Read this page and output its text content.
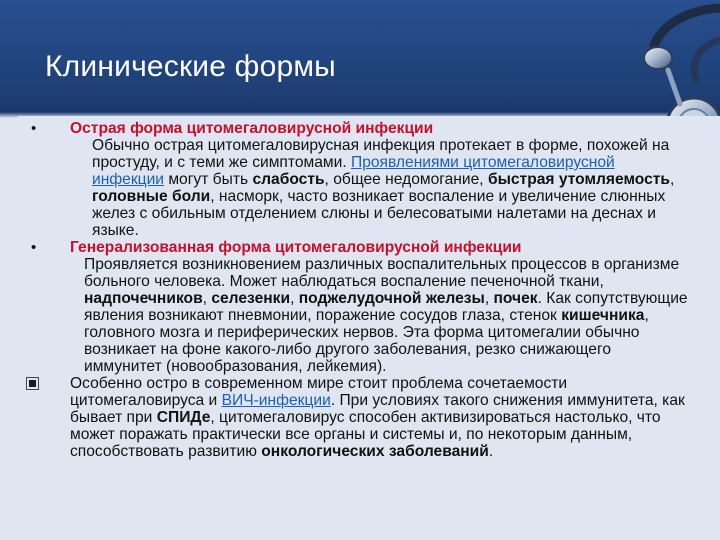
Клинические формы
• Острая форма цитомегаловирусной инфекции
Обычно острая цитомегаловирусная инфекция протекает в форме, похожей на простуду, и с теми же симптомами. Проявлениями цитомегаловирусной инфекции могут быть слабость, общее недомогание, быстрая утомляемость, головные боли, насморк, часто возникает воспаление и увеличение слюнных желез с обильным отделением слюны и белесоватыми налетами на деснах и языке.
• Генерализованная форма цитомегаловирусной инфекции
Проявляется возникновением различных воспалительных процессов в организме больного человека. Может наблюдаться воспаление печеночной ткани, надпочечников, селезенки, поджелудочной железы, почек. Как сопутствующие явления возникают пневмонии, поражение сосудов глаза, стенок кишечника, головного мозга и периферических нервов. Эта форма цитомегалии обычно возникает на фоне какого-либо другого заболевания, резко снижающего иммунитет (новообразования, лейкемия).
Особенно остро в современном мире стоит проблема сочетаемости цитомегаловируса и ВИЧ-инфекции. При условиях такого снижения иммунитета, как бывает при СПИДе, цитомегаловирус способен активизироваться настолько, что может поражать практически все органы и системы и, по некоторым данным, способствовать развитию онкологических заболеваний.
